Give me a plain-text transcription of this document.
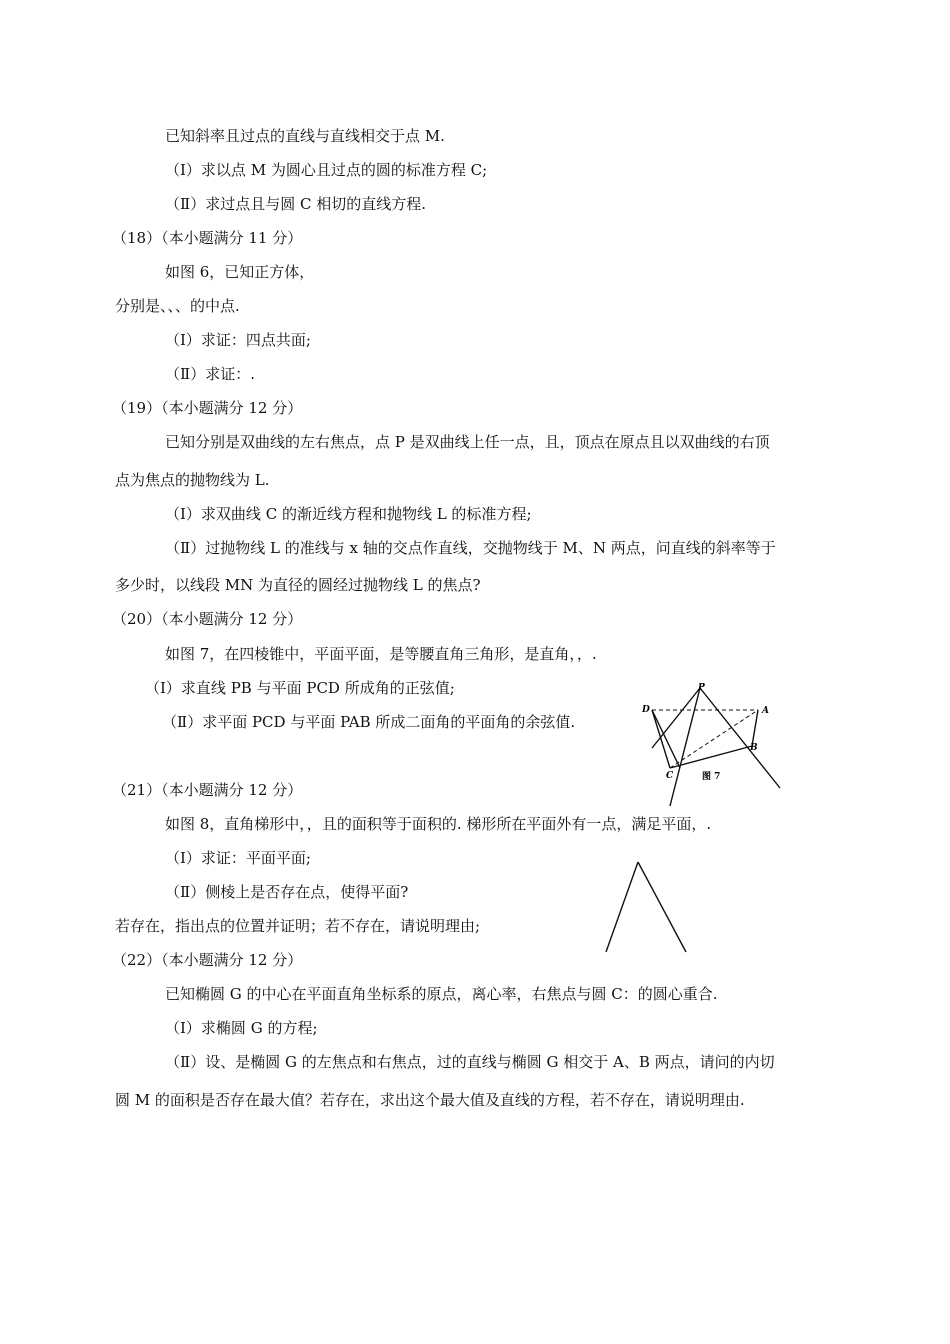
已知斜率且过点的直线与直线相交于点 M.
（Ⅰ）求以点 M 为圆心且过点的圆的标准方程 C;
（Ⅱ）求过点且与圆 C 相切的直线方程.
（18）（本小题满分 11 分）
如图 6，已知正方体，
分别是、、、的中点.
（Ⅰ）求证：四点共面;
（Ⅱ）求证：.
（19）（本小题满分 12 分）
已知分别是双曲线的左右焦点，点 P 是双曲线上任一点，且，顶点在原点且以双曲线的右顶
点为焦点的抛物线为 L.
（Ⅰ）求双曲线 C 的渐近线方程和抛物线 L 的标准方程;
（Ⅱ）过抛物线 L 的准线与 x 轴的交点作直线，交抛物线于 M、N 两点，问直线的斜率等于
多少时，以线段 MN 为直径的圆经过抛物线 L 的焦点?
（20）（本小题满分 12 分）
如图 7，在四棱锥中，平面平面，是等腰直角三角形，是直角，，.
（Ⅰ）求直线 PB 与平面 PCD 所成角的正弦值;
（Ⅱ）求平面 PCD 与平面 PAB 所成二面角的平面角的余弦值.
（21）（本小题满分 12 分）
如图 8，直角梯形中，，且的面积等于面积的. 梯形所在平面外有一点，满足平面，.
（Ⅰ）求证：平面平面;
（Ⅱ）侧棱上是否存在点，使得平面?
若存在，指出点的位置并证明；若不存在，请说明理由;
（22）（本小题满分 12 分）
已知椭圆 G 的中心在平面直角坐标系的原点，离心率，右焦点与圆 C：的圆心重合.
（Ⅰ）求椭圆 G 的方程;
（Ⅱ）设、是椭圆 G 的左焦点和右焦点，过的直线与椭圆 G 相交于 A、B 两点，请问的内切
圆 M 的面积是否存在最大值？若存在，求出这个最大值及直线的方程，若不存在，请说明理由.
P
D	A
B
C	图 7
